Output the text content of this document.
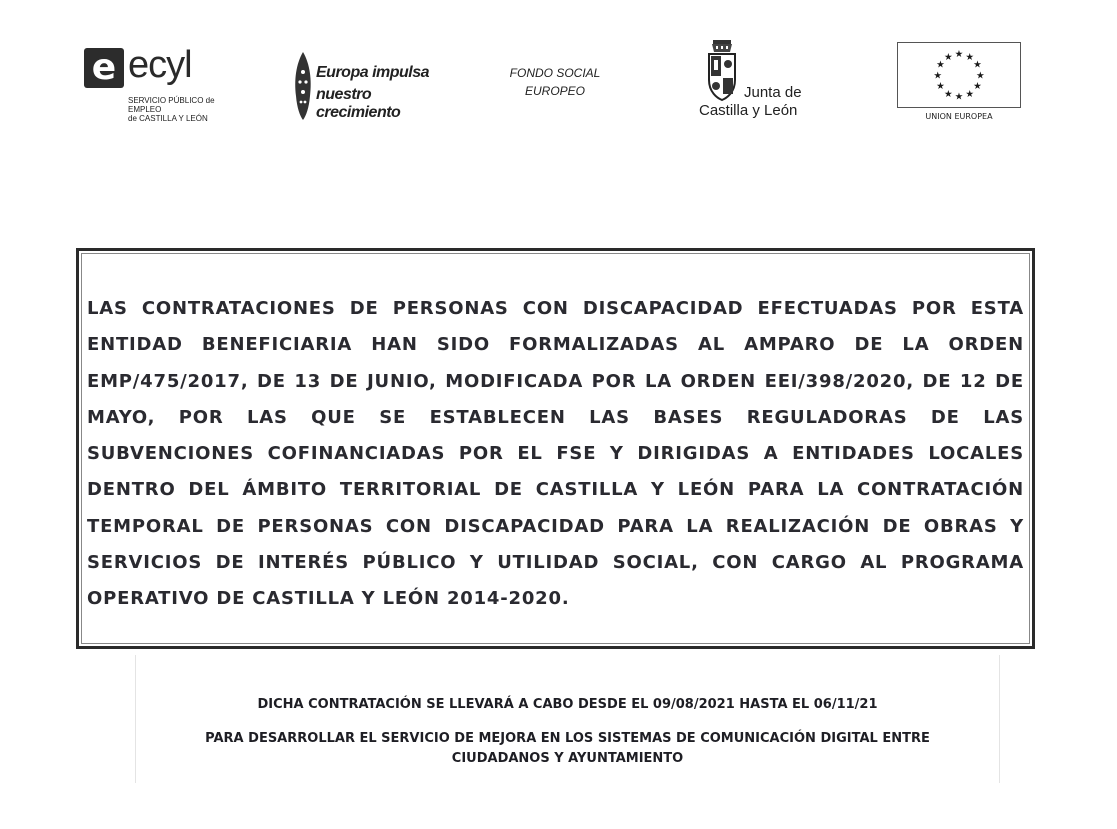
e ecyl
SERVICIO PÚBLICO de EMPLEO
de CASTILLA Y LEÓN
Europa impulsa
nuestro crecimiento
FONDO SOCIAL
EUROPEO	Junta de
Castilla y León
★ ★
★
★
★
★
★
★
★
★
★
★
UNION EUROPEA
LAS CONTRATACIONES DE PERSONAS CON DISCAPACIDAD EFECTUADAS POR ESTA ENTIDAD BENEFICIARIA HAN SIDO FORMALIZADAS AL AMPARO DE LA ORDEN EMP/475/2017, DE 13 DE JUNIO, MODIFICADA POR LA ORDEN EEI/398/2020, DE 12 DE MAYO, POR LAS QUE SE ESTABLECEN LAS BASES REGULADORAS DE LAS SUBVENCIONES COFINANCIADAS POR EL FSE Y DIRIGIDAS A ENTIDADES LOCALES DENTRO DEL ÁMBITO TERRITORIAL DE CASTILLA Y LEÓN PARA LA CONTRATACIÓN TEMPORAL DE PERSONAS CON DISCAPACIDAD PARA LA REALIZACIÓN DE OBRAS Y SERVICIOS DE INTERÉS PÚBLICO Y UTILIDAD SOCIAL, CON CARGO AL PROGRAMA OPERATIVO DE CASTILLA Y LEÓN 2014-2020.
DICHA CONTRATACIÓN SE LLEVARÁ A CABO DESDE EL 09/08/2021 HASTA EL 06/11/21
PARA DESARROLLAR EL SERVICIO DE MEJORA EN LOS SISTEMAS DE COMUNICACIÓN DIGITAL ENTRE
CIUDADANOS Y AYUNTAMIENTO
